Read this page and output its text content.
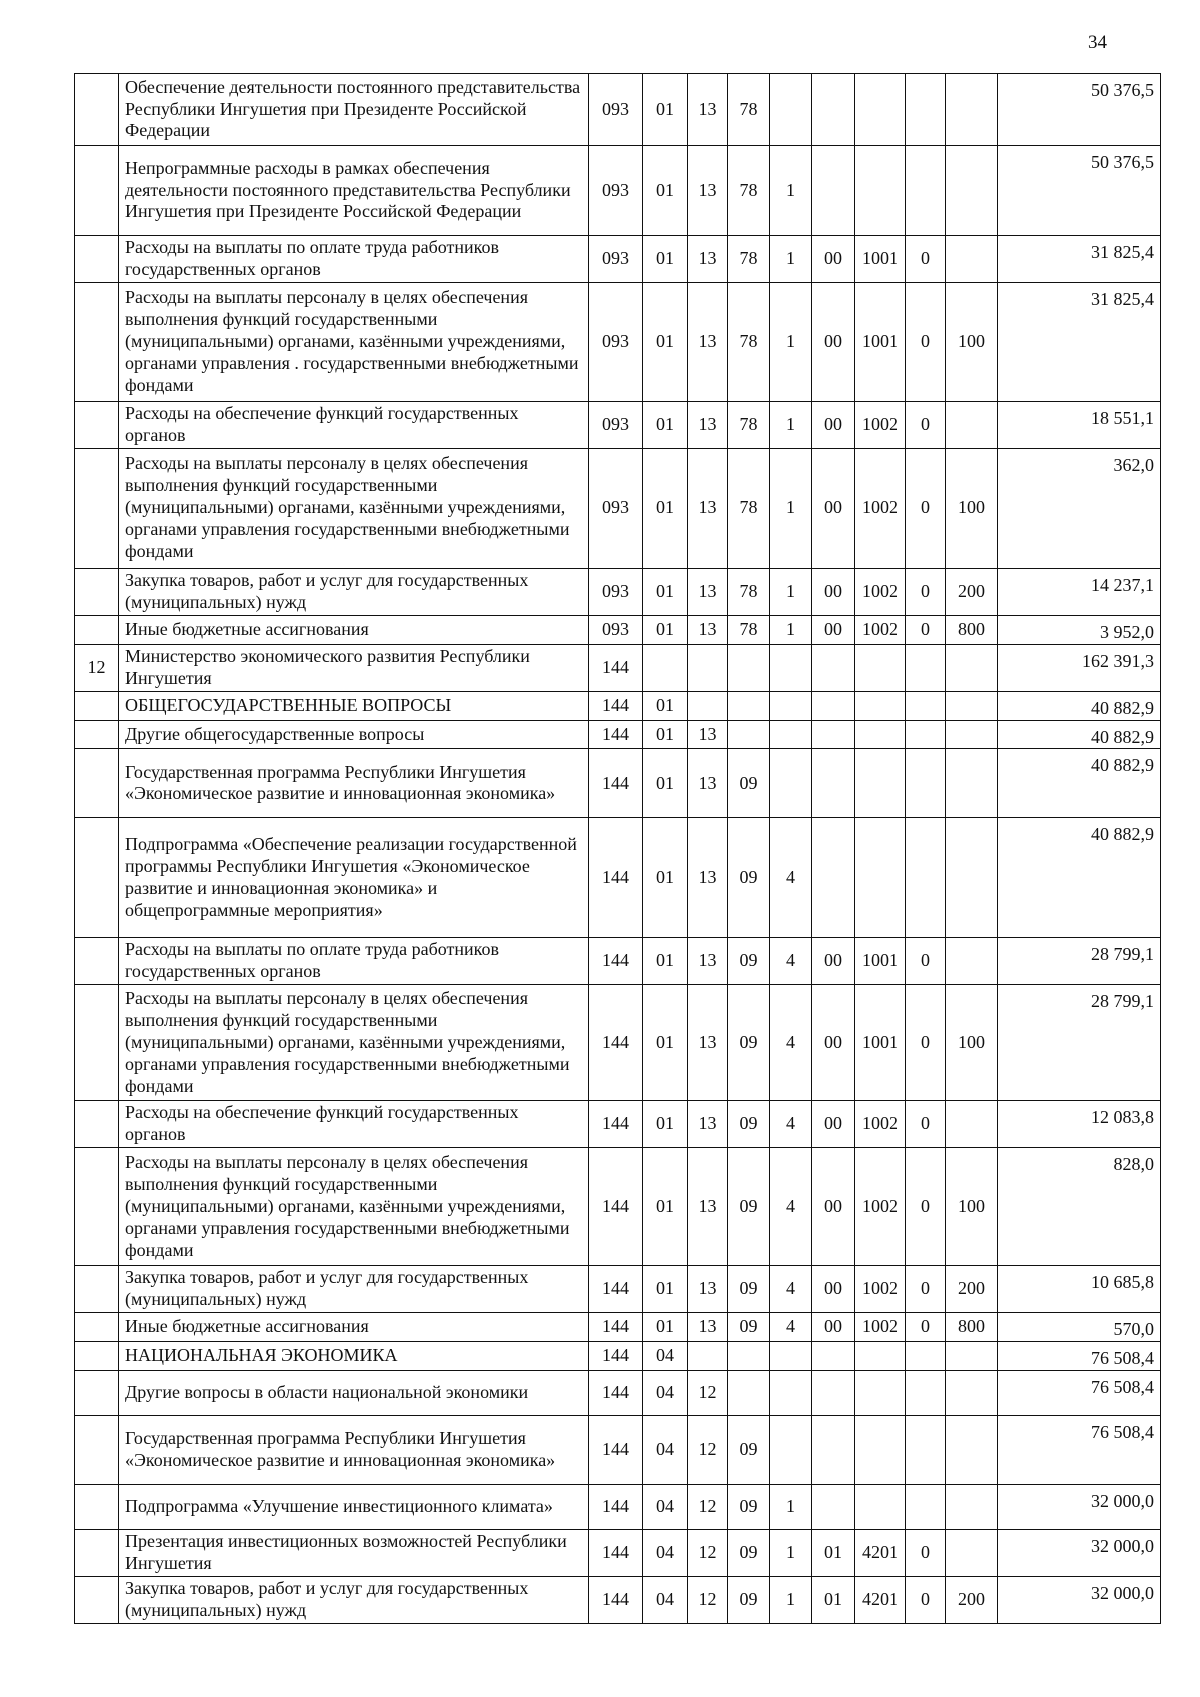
34
	Обеспечение деятельности постоянного представительства Республики Ингушетия при Президенте Российской Федерации	093	01	13	78						50 376,5
	Непрограммные расходы в рамках обеспечения деятельности постоянного представительства Республики Ингушетия при Президенте Российской Федерации	093	01	13	78	1					50 376,5
	Расходы на выплаты по оплате труда работников государственных органов	093	01	13	78	1	00	1001	0		31 825,4
	Расходы на выплаты персоналу в целях обеспечения выполнения функций государственными (муниципальными) органами, казёнными учреждениями, органами управления . государственными внебюджетными фондами	093	01	13	78	1	00	1001	0	100	31 825,4
	Расходы на обеспечение функций государственных органов	093	01	13	78	1	00	1002	0		18 551,1
	Расходы на выплаты персоналу в целях обеспечения выполнения функций государственными (муниципальными) органами, казёнными учреждениями, органами управления государственными внебюджетными фондами	093	01	13	78	1	00	1002	0	100	362,0
	Закупка товаров, работ и услуг для государственных (муниципальных) нужд	093	01	13	78	1	00	1002	0	200	14 237,1
	Иные бюджетные ассигнования	093	01	13	78	1	00	1002	0	800	3 952,0
12	Министерство экономического развития Республики Ингушетия	144									162 391,3
	ОБЩЕГОСУДАРСТВЕННЫЕ ВОПРОСЫ	144	01								40 882,9
	Другие общегосударственные вопросы	144	01	13							40 882,9
	Государственная программа Республики Ингушетия «Экономическое развитие и инновационная экономика»	144	01	13	09						40 882,9
	Подпрограмма «Обеспечение реализации государственной программы Республики Ингушетия «Экономическое развитие и инновационная экономика» и общепрограммные мероприятия»	144	01	13	09	4					40 882,9
	Расходы на выплаты по оплате труда работников государственных органов	144	01	13	09	4	00	1001	0		28 799,1
	Расходы на выплаты персоналу в целях обеспечения выполнения функций государственными (муниципальными) органами, казёнными учреждениями, органами управления государственными внебюджетными фондами	144	01	13	09	4	00	1001	0	100	28 799,1
	Расходы на обеспечение функций государственных органов	144	01	13	09	4	00	1002	0		12 083,8
	Расходы на выплаты персоналу в целях обеспечения выполнения функций государственными (муниципальными) органами, казёнными учреждениями, органами управления государственными внебюджетными фондами	144	01	13	09	4	00	1002	0	100	828,0
	Закупка товаров, работ и услуг для государственных (муниципальных) нужд	144	01	13	09	4	00	1002	0	200	10 685,8
	Иные бюджетные ассигнования	144	01	13	09	4	00	1002	0	800	570,0
	НАЦИОНАЛЬНАЯ ЭКОНОМИКА	144	04								76 508,4
	Другие вопросы в области национальной экономики	144	04	12							76 508,4
	Государственная программа Республики Ингушетия «Экономическое развитие и инновационная экономика»	144	04	12	09						76 508,4
	Подпрограмма «Улучшение инвестиционного климата»	144	04	12	09	1					32 000,0
	Презентация инвестиционных возможностей Республики Ингушетия	144	04	12	09	1	01	4201	0		32 000,0
	Закупка товаров, работ и услуг для государственных (муниципальных) нужд	144	04	12	09	1	01	4201	0	200	32 000,0
